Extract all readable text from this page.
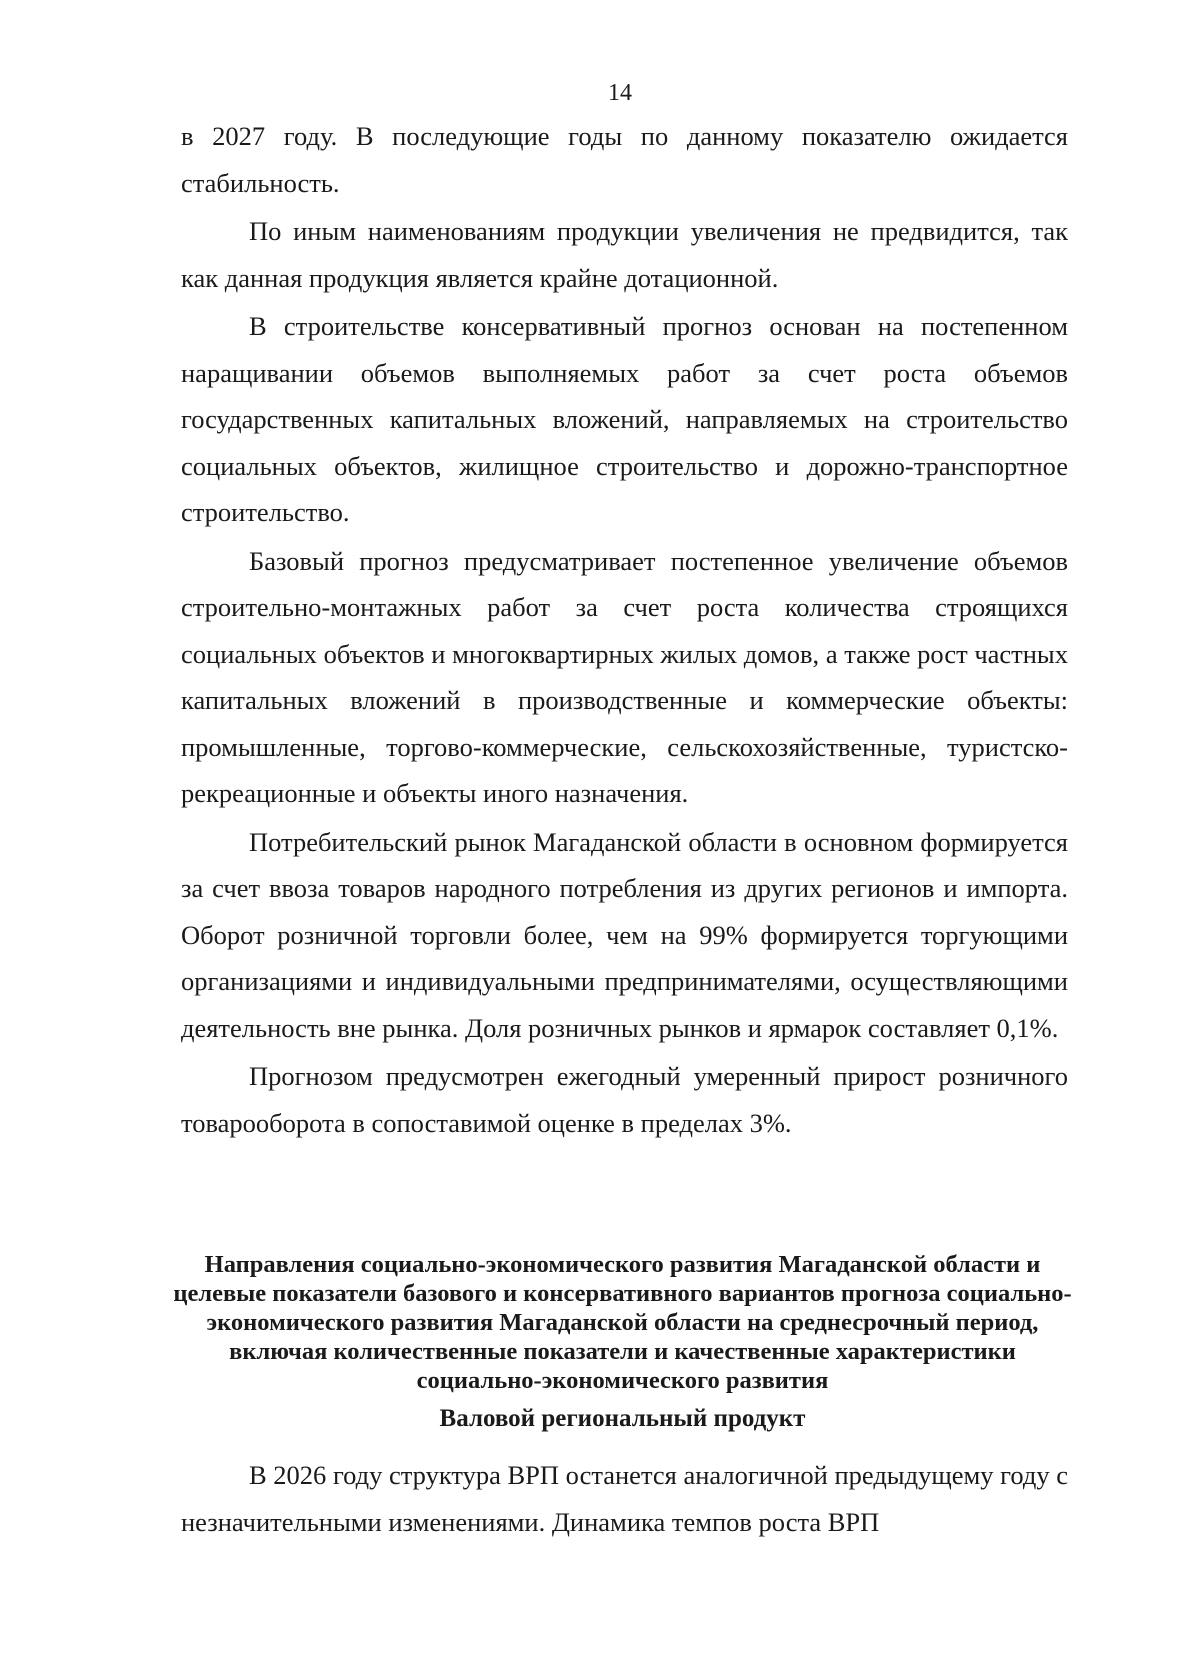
14

в 2027 году. В последующие годы по данному показателю ожидается стабильность.

По иным наименованиям продукции увеличения не предвидится, так как данная продукция является крайне дотационной.

В строительстве консервативный прогноз основан на постепенном наращивании объемов выполняемых работ за счет роста объемов государственных капитальных вложений, направляемых на строительство социальных объектов, жилищное строительство и дорожно-транспортное строительство.

Базовый прогноз предусматривает постепенное увеличение объемов строительно-монтажных работ за счет роста количества строящихся социальных объектов и многоквартирных жилых домов, а также рост частных капитальных вложений в производственные и коммерческие объекты: промышленные, торгово-коммерческие, сельскохозяйственные, туристско-рекреационные и объекты иного назначения.

Потребительский рынок Магаданской области в основном формируется за счет ввоза товаров народного потребления из других регионов и импорта. Оборот розничной торговли более, чем на 99% формируется торгующими организациями и индивидуальными предпринимателями, осуществляющими деятельность вне рынка. Доля розничных рынков и ярмарок составляет 0,1%.

Прогнозом предусмотрен ежегодный умеренный прирост розничного товарооборота в сопоставимой оценке в пределах 3%.

Направления социально-экономического развития Магаданской области и целевые показатели базового и консервативного вариантов прогноза социально-экономического развития Магаданской области на среднесрочный период, включая количественные показатели и качественные характеристики социально-экономического развития
Валовой региональный продукт

В 2026 году структура ВРП останется аналогичной предыдущему году с незначительными изменениями. Динамика темпов роста ВРП
